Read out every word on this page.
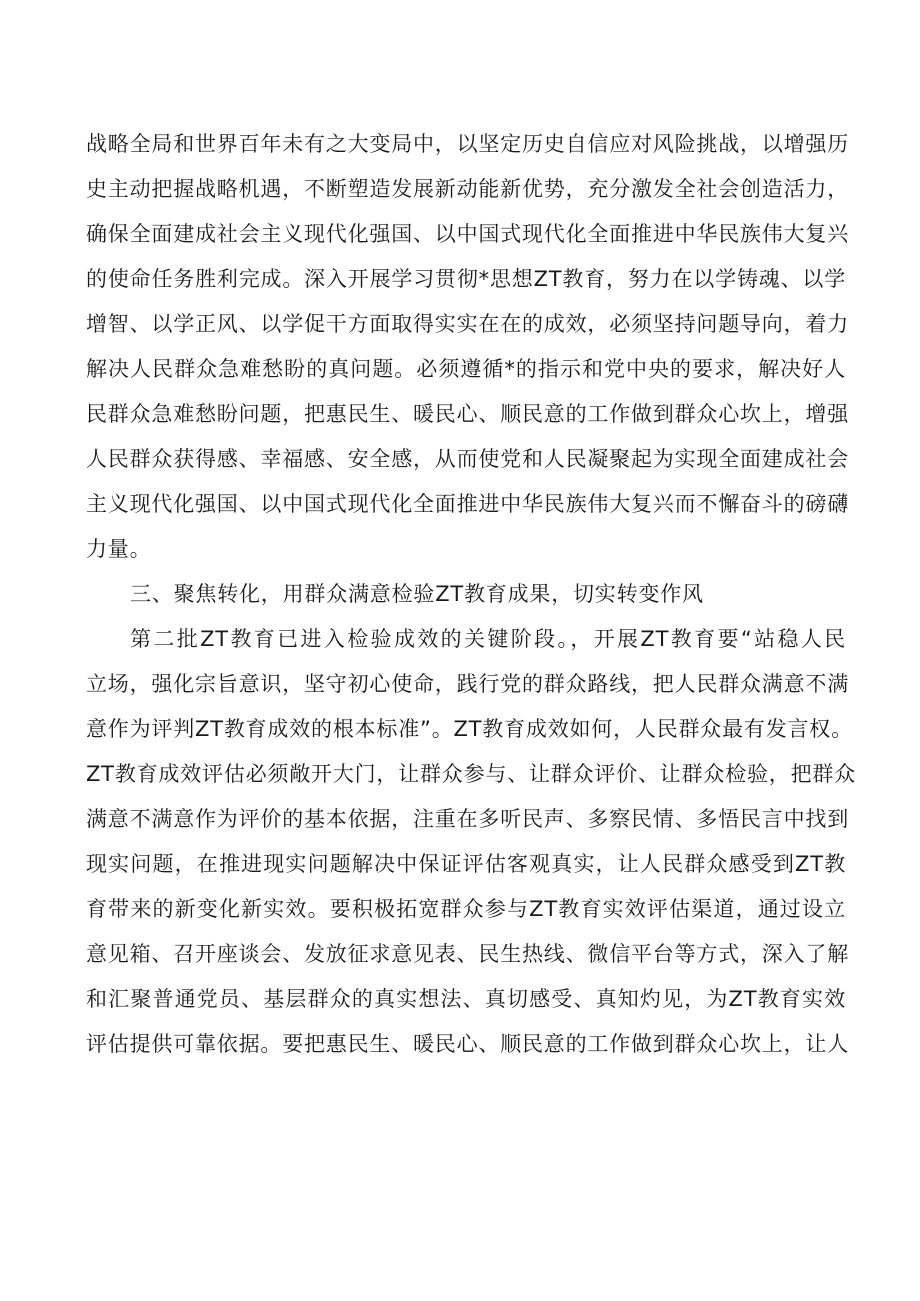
战略全局和世界百年未有之大变局中，以坚定历史自信应对风险挑战，以增强历
史主动把握战略机遇，不断塑造发展新动能新优势，充分激发全社会创造活力，
确保全面建成社会主义现代化强国、以中国式现代化全面推进中华民族伟大复兴
的使命任务胜利完成。深入开展学习贯彻*思想ZT教育，努力在以学铸魂、以学
增智、以学正风、以学促干方面取得实实在在的成效，必须坚持问题导向，着力
解决人民群众急难愁盼的真问题。必须遵循*的指示和党中央的要求，解决好人
民群众急难愁盼问题，把惠民生、暖民心、顺民意的工作做到群众心坎上，增强
人民群众获得感、幸福感、安全感，从而使党和人民凝聚起为实现全面建成社会
主义现代化强国、以中国式现代化全面推进中华民族伟大复兴而不懈奋斗的磅礴
力量。
三、聚焦转化，用群众满意检验ZT教育成果，切实转变作风
第二批ZT教育已进入检验成效的关键阶段。，开展ZT教育要“站稳人民
立场，强化宗旨意识，坚守初心使命，践行党的群众路线，把人民群众满意不满
意作为评判ZT教育成效的根本标准”。ZT教育成效如何，人民群众最有发言权。
ZT教育成效评估必须敞开大门，让群众参与、让群众评价、让群众检验，把群众
满意不满意作为评价的基本依据，注重在多听民声、多察民情、多悟民言中找到
现实问题，在推进现实问题解决中保证评估客观真实，让人民群众感受到ZT教
育带来的新变化新实效。要积极拓宽群众参与ZT教育实效评估渠道，通过设立
意见箱、召开座谈会、发放征求意见表、民生热线、微信平台等方式，深入了解
和汇聚普通党员、基层群众的真实想法、真切感受、真知灼见，为ZT教育实效
评估提供可靠依据。要把惠民生、暖民心、顺民意的工作做到群众心坎上，让人
